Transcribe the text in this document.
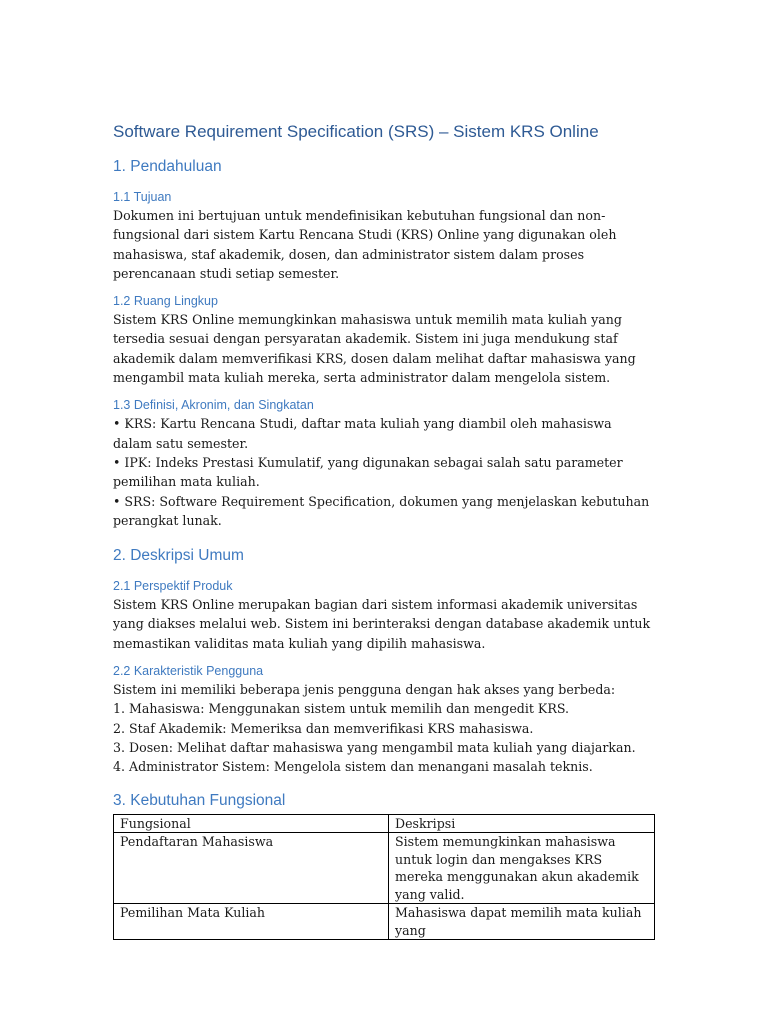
Software Requirement Specification (SRS) – Sistem KRS Online
1. Pendahuluan
1.1 Tujuan

Dokumen ini bertujuan untuk mendefinisikan kebutuhan fungsional dan non-fungsional dari sistem Kartu Rencana Studi (KRS) Online yang digunakan oleh mahasiswa, staf akademik, dosen, dan administrator sistem dalam proses perencanaan studi setiap semester.

1.2 Ruang Lingkup

Sistem KRS Online memungkinkan mahasiswa untuk memilih mata kuliah yang tersedia sesuai dengan persyaratan akademik. Sistem ini juga mendukung staf akademik dalam memverifikasi KRS, dosen dalam melihat daftar mahasiswa yang mengambil mata kuliah mereka, serta administrator dalam mengelola sistem.

1.3 Definisi, Akronim, dan Singkatan

• KRS: Kartu Rencana Studi, daftar mata kuliah yang diambil oleh mahasiswa dalam satu semester.

• IPK: Indeks Prestasi Kumulatif, yang digunakan sebagai salah satu parameter pemilihan mata kuliah.

• SRS: Software Requirement Specification, dokumen yang menjelaskan kebutuhan perangkat lunak.

2. Deskripsi Umum
2.1 Perspektif Produk

Sistem KRS Online merupakan bagian dari sistem informasi akademik universitas yang diakses melalui web. Sistem ini berinteraksi dengan database akademik untuk memastikan validitas mata kuliah yang dipilih mahasiswa.

2.2 Karakteristik Pengguna

Sistem ini memiliki beberapa jenis pengguna dengan hak akses yang berbeda:

1. Mahasiswa: Menggunakan sistem untuk memilih dan mengedit KRS.

2. Staf Akademik: Memeriksa dan memverifikasi KRS mahasiswa.

3. Dosen: Melihat daftar mahasiswa yang mengambil mata kuliah yang diajarkan.

4. Administrator Sistem: Mengelola sistem dan menangani masalah teknis.

3. Kebutuhan Fungsional
Fungsional	Deskripsi
Pendaftaran Mahasiswa	Sistem memungkinkan mahasiswa untuk login dan mengakses KRS mereka menggunakan akun akademik yang valid.
Pemilihan Mata Kuliah	Mahasiswa dapat memilih mata kuliah yang
